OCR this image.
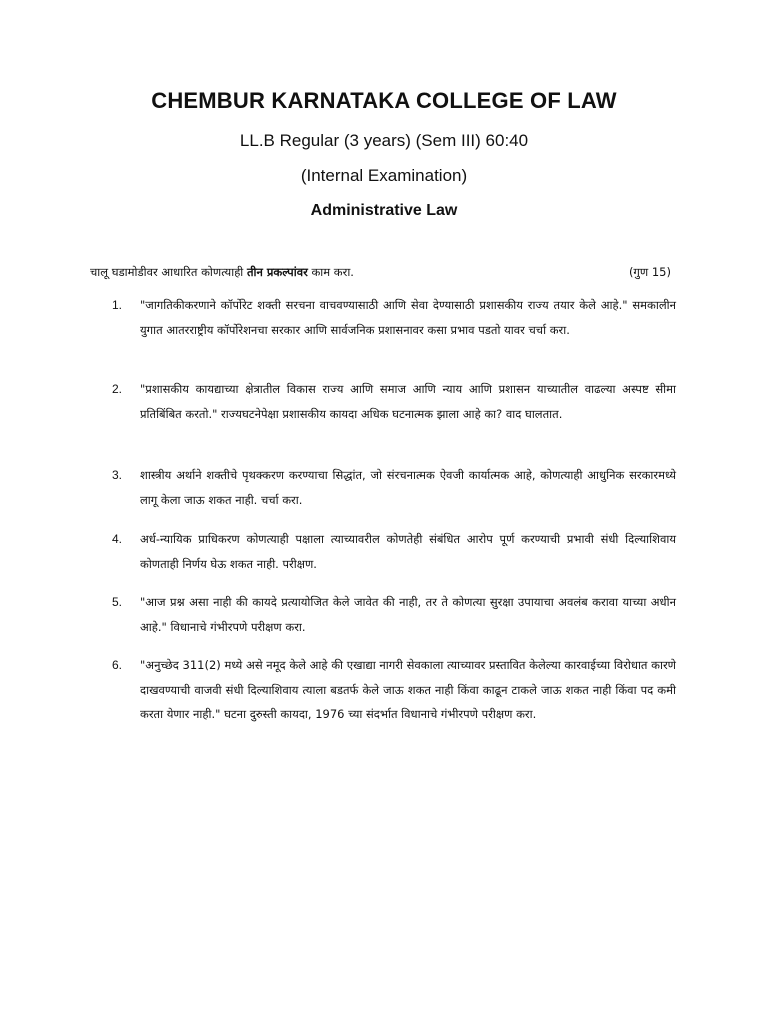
CHEMBUR KARNATAKA COLLEGE OF LAW
LL.B Regular (3 years) (Sem III) 60:40
(Internal Examination)
Administrative Law
चालू घडामोडीवर आधारित कोणत्याही तीन प्रकल्पांवर काम करा.	(गुण 15)
1.	"जागतिकीकरणाने कॉर्पोरेट शक्ती सरचना वाचवण्यासाठी आणि सेवा देण्यासाठी प्रशासकीय राज्य तयार केले आहे." समकालीन युगात आतरराष्ट्रीय कॉर्पोरेशनचा सरकार आणि सार्वजनिक प्रशासनावर कसा प्रभाव पडतो यावर चर्चा करा.
2.	"प्रशासकीय कायद्याच्या क्षेत्रातील विकास राज्य आणि समाज आणि न्याय आणि प्रशासन याच्यातील वाढल्या अस्पष्ट सीमा प्रतिबिंबित करतो." राज्यघटनेपेक्षा प्रशासकीय कायदा अधिक घटनात्मक झाला आहे का? वाद घालतात.
3.	शास्त्रीय अर्थाने शक्तीचे पृथक्करण करण्याचा सिद्धांत, जो संरचनात्मक ऐवजी कार्यात्मक आहे, कोणत्याही आधुनिक सरकारमध्ये लागू केला जाऊ शकत नाही. चर्चा करा.
4.	अर्ध-न्यायिक प्राधिकरण कोणत्याही पक्षाला त्याच्यावरील कोणतेही संबंधित आरोप पूर्ण करण्याची प्रभावी संधी दिल्याशिवाय कोणताही निर्णय घेऊ शकत नाही. परीक्षण.
5.	"आज प्रश्न असा नाही की कायदे प्रत्यायोजित केले जावेत की नाही, तर ते कोणत्या सुरक्षा उपायाचा अवलंब करावा याच्या अधीन आहे." विधानाचे गंभीरपणे परीक्षण करा.
6.	"अनुच्छेद 311(2) मध्ये असे नमूद केले आहे की एखाद्या नागरी सेवकाला त्याच्यावर प्रस्तावित केलेल्या कारवाईच्या विरोधात कारणे दाखवण्याची वाजवी संधी दिल्याशिवाय त्याला बडतर्फ केले जाऊ शकत नाही किंवा काढून टाकले जाऊ शकत नाही किंवा पद कमी करता येणार नाही." घटना दुरुस्ती कायदा, 1976 च्या संदर्भात विधानाचे गंभीरपणे परीक्षण करा.
